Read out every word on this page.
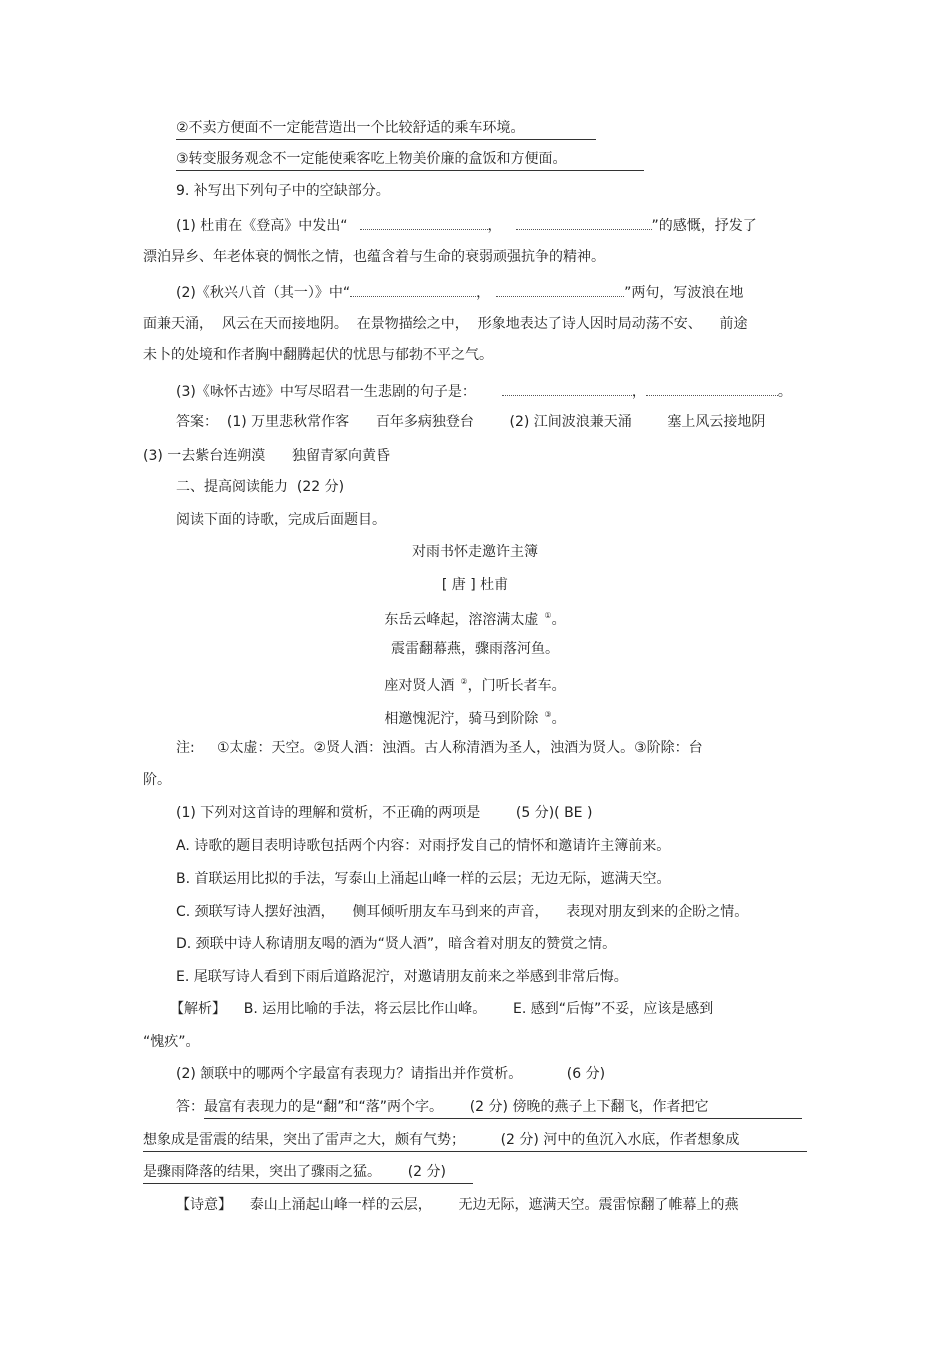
②不卖方便面不一定能营造出一个比较舒适的乘车环境。
③转变服务观念不一定能使乘客吃上物美价廉的盒饭和方便面。
9. 补写出下列句子中的空缺部分。
(1) 杜甫在《登高》中发出“	，	”的感慨，抒发了
漂泊异乡、年老体衰的惆怅之情，也蕴含着与生命的衰弱顽强抗争的精神。
(2)《秋兴八首（其一）》中“	，	”两句，写波浪在地
面兼天涌，  风云在天而接地阴。  在景物描绘之中，  形象地表达了诗人因时局动荡不安、    前途
未卜的处境和作者胸中翻腾起伏的忧思与郁勃不平之气。
(3)《咏怀古迹》中写尽昭君一生悲剧的句子是：	，	。
答案：  (1) 万里悲秋常作客      百年多病独登台        (2) 江间波浪兼天涌        塞上风云接地阴
(3) 一去紫台连朔漠      独留青冢向黄昏
二、提高阅读能力  (22 分)
阅读下面的诗歌，完成后面题目。
对雨书怀走邀许主簿
[ 唐 ] 杜甫
东岳云峰起，溶溶满太虚 ①。
震雷翻幕燕，骤雨落河鱼。
座对贤人酒 ②，门听长者车。
相邀愧泥泞，骑马到阶除 ③。
注:     ①太虚：天空。②贤人酒：浊酒。古人称清酒为圣人，浊酒为贤人。③阶除：台
阶。
(1) 下列对这首诗的理解和赏析，不正确的两项是        (5 分)( BE )
A. 诗歌的题目表明诗歌包括两个内容：对雨抒发自己的情怀和邀请许主簿前来。
B. 首联运用比拟的手法，写泰山上涌起山峰一样的云层；无边无际，遮满天空。
C. 颈联写诗人摆好浊酒，    侧耳倾听朋友车马到来的声音，    表现对朋友到来的企盼之情。
D. 颈联中诗人称请朋友喝的酒为“贤人酒”，暗含着对朋友的赞赏之情。
E. 尾联写诗人看到下雨后道路泥泞，对邀请朋友前来之举感到非常后悔。
【解析】    B. 运用比喻的手法，将云层比作山峰。      E. 感到“后悔”不妥，应该是感到
“愧疚”。
(2) 颔联中的哪两个字最富有表现力？请指出并作赏析。          (6 分)
答：最富有表现力的是“翻”和“落”两个字。      (2 分) 傍晚的燕子上下翻飞，作者把它
想象成是雷震的结果，突出了雷声之大，颇有气势；        (2 分) 河中的鱼沉入水底，作者想象成
是骤雨降落的结果，突出了骤雨之猛。      (2 分)
【诗意】    泰山上涌起山峰一样的云层，      无边无际，遮满天空。震雷惊翻了帷幕上的燕
